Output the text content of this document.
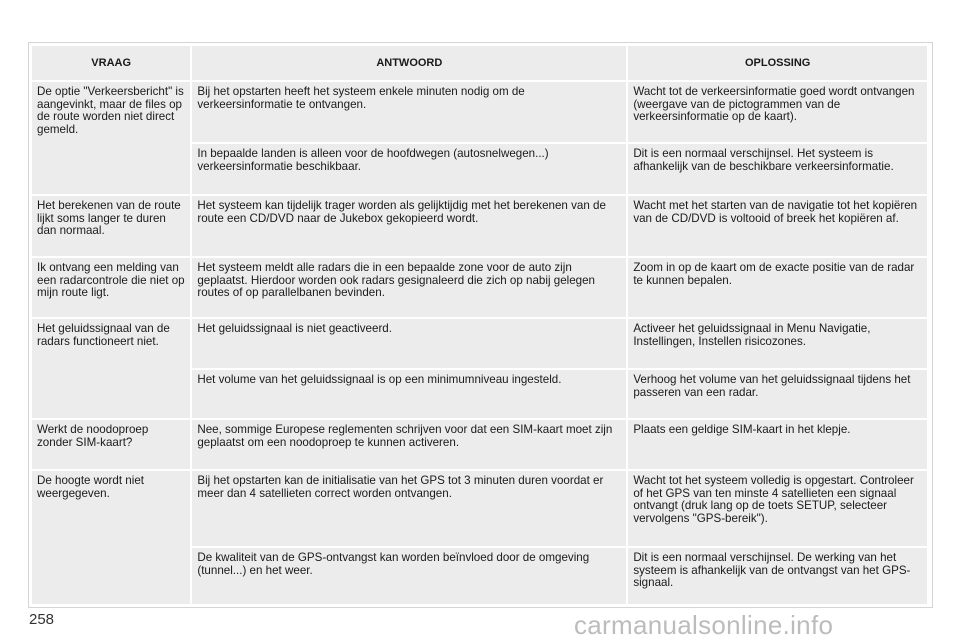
VRAAG	ANTWOORD	OPLOSSING
De optie "Verkeersbericht" is aangevinkt, maar de files op de route worden niet direct gemeld.	Bij het opstarten heeft het systeem enkele minuten nodig om de verkeersinformatie te ontvangen.	Wacht tot de verkeersinformatie goed wordt ontvangen (weergave van de pictogrammen van de verkeersinformatie op de kaart).
	In bepaalde landen is alleen voor de hoofdwegen (autosnelwegen...) verkeersinformatie beschikbaar.	Dit is een normaal verschijnsel. Het systeem is afhankelijk van de beschikbare verkeersinformatie.
Het berekenen van de route lijkt soms langer te duren dan normaal.	Het systeem kan tijdelijk trager worden als gelijktijdig met het berekenen van de route een CD/DVD naar de Jukebox gekopieerd wordt.	Wacht met het starten van de navigatie tot het kopiëren van de CD/DVD is voltooid of breek het kopiëren af.
Ik ontvang een melding van een radarcontrole die niet op mijn route ligt.	Het systeem meldt alle radars die in een bepaalde zone voor de auto zijn geplaatst. Hierdoor worden ook radars gesignaleerd die zich op nabij gelegen routes of op parallelbanen bevinden.	Zoom in op de kaart om de exacte positie van de radar te kunnen bepalen.
Het geluidssignaal van de radars functioneert niet.	Het geluidssignaal is niet geactiveerd.	Activeer het geluidssignaal in Menu Navigatie, Instellingen, Instellen risicozones.
	Het volume van het geluidssignaal is op een minimumniveau ingesteld.	Verhoog het volume van het geluidssignaal tijdens het passeren van een radar.
Werkt de noodoproep zonder SIM-kaart?	Nee, sommige Europese reglementen schrijven voor dat een SIM-kaart moet zijn geplaatst om een noodoproep te kunnen activeren.	Plaats een geldige SIM-kaart in het klepje.
De hoogte wordt niet weergegeven.	Bij het opstarten kan de initialisatie van het GPS tot 3 minuten duren voordat er meer dan 4 satellieten correct worden ontvangen.	Wacht tot het systeem volledig is opgestart. Controleer of het GPS van ten minste 4 satellieten een signaal ontvangt (druk lang op de toets SETUP, selecteer vervolgens "GPS-bereik").
	De kwaliteit van de GPS-ontvangst kan worden beïnvloed door de omgeving (tunnel...) en het weer.	Dit is een normaal verschijnsel. De werking van het systeem is afhankelijk van de ontvangst van het GPS-signaal.
258	carmanualsonline.info
